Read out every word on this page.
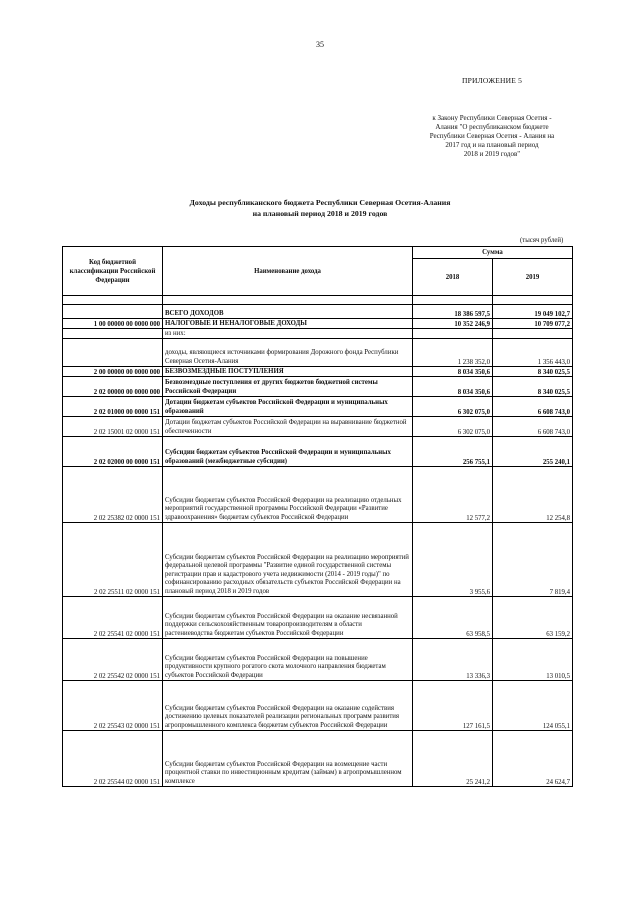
35
ПРИЛОЖЕНИЕ 5
к Закону Республики Северная Осетия -
Алания "О республиканском бюджете
Республики Северная Осетия - Алания на
2017 год и на плановый период
2018 и 2019 годов"
Доходы республиканского бюджета Республики Северная Осетия-Алания
на плановый период 2018 и 2019 годов
(тысяч рублей)
Код бюджетной классификации Российской Федерации	Наименование дохода	Сумма	
		2018	2019

	ВСЕГО ДОХОДОВ	18 386 597,5	19 049 102,7
1 00 00000 00 0000 000	НАЛОГОВЫЕ И НЕНАЛОГОВЫЕ ДОХОДЫ	10 352 246,9	10 709 077,2
	из них:		
	доходы, являющиеся источниками формирования Дорожного фонда Республики Северная Осетия-Алания	1 238 352,0	1 356 443,0
2 00 00000 00 0000 000	БЕЗВОЗМЕЗДНЫЕ ПОСТУПЛЕНИЯ	8 034 350,6	8 340 025,5
2 02 00000 00 0000 000	Безвозмездные поступления от других бюджетов бюджетной системы Российской Федерации	8 034 350,6	8 340 025,5
2 02 01000 00 0000 151	Дотации бюджетам субъектов Российской Федерации и муниципальных образований	6 302 075,0	6 608 743,0
2 02 15001 02 0000 151	Дотации бюджетам субъектов Российской Федерации на выравнивание бюджетной обеспеченности	6 302 075,0	6 608 743,0
2 02 02000 00 0000 151	Субсидии бюджетам субъектов Российской Федерации и муниципальных образований (межбюджетные субсидии)	256 755,1	255 240,1
2 02 25382 02 0000 151	Субсидии бюджетам субъектов Российской Федерации на реализацию отдельных мероприятий государственной программы Российской Федерации «Развитие здравоохранения» бюджетам субъектов Российской Федерации	12 577,2	12 254,8
2 02 25511 02 0000 151	Субсидии бюджетам субъектов Российской Федерации на реализацию мероприятий федеральной целевой программы "Развитие единой государственной системы регистрации прав и кадастрового учета недвижимости (2014 - 2019 годы)" по софинансированию расходных обязательств субъектов Российской Федерации на плановый период 2018 и 2019 годов	3 955,6	7 819,4
2 02 25541 02 0000 151	Субсидии бюджетам субъектов Российской Федерации на оказание несвязанной поддержки сельскохозяйственным товаропроизводителям в области растениеводства бюджетам субъектов Российской Федерации	63 958,5	63 159,2
2 02 25542 02 0000 151	Субсидии бюджетам субъектов Российской Федерации на повышение продуктивности крупного рогатого скота молочного направления бюджетам субъектов Российской Федерации	13 336,3	13 010,5
2 02 25543 02 0000 151	Субсидии бюджетам субъектов Российской Федерации на оказание содействия достижению целевых показателей реализации региональных программ развития агропромышленного комплекса бюджетам субъектов Российской Федерации	127 161,5	124 055,1
2 02 25544 02 0000 151	Субсидии бюджетам субъектов Российской Федерации на возмещение части процентной ставки по инвестиционным кредитам (займам) в агропромышленном комплексе	25 241,2	24 624,7
